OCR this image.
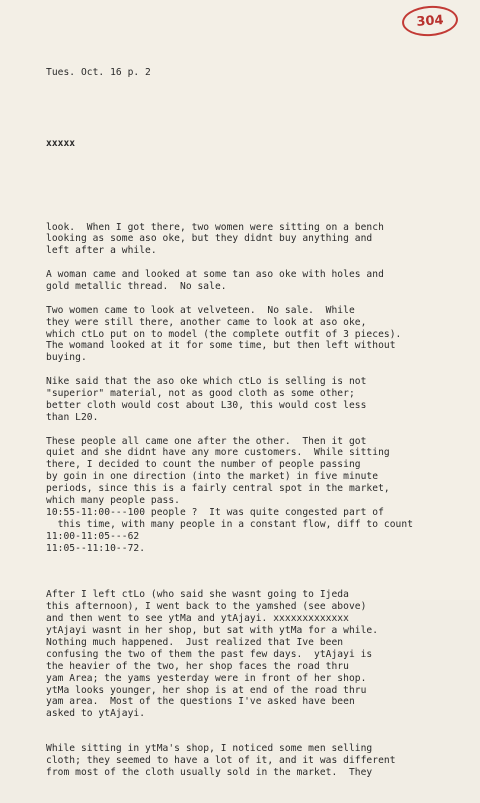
304

Tues. Oct. 16 p. 2

xxxxx

look.  When I got there, two women were sitting on a bench
looking as some aso oke, but they didnt buy anything and
left after a while.
A woman came and looked at some tan aso oke with holes and
gold metallic thread.  No sale.
Two women came to look at velveteen.  No sale.  While
they were still there, another came to look at aso oke,
which ctLo put on to model (the complete outfit of 3 pieces).
The womand looked at it for some time, but then left without
buying.
Nike said that the aso oke which ctLo is selling is not
"superior" material, not as good cloth as some other;
better cloth would cost about L30, this would cost less
than L20.
These people all came one after the other.  Then it got
quiet and she didnt have any more customers.  While sitting
there, I decided to count the number of people passing
by goin in one direction (into the market) in five minute
periods, since this is a fairly central spot in the market,
which many people pass.
10:55-11:00---100 people ?  It was quite congested part of
this time, with many people in a constant flow, diff to count
11:00-11:05---62
11:05--11:10--72.
After I left ctLo (who said she wasnt going to Ijeda
this afternoon), I went back to the yamshed (see above)
and then went to see ytMa and ytAjayi. xxxxxxxxxxxxx
ytAjayi wasnt in her shop, but sat with ytMa for a while.
Nothing much happened.  Just realized that Ive been
confusing the two of them the past few days.  ytAjayi is
the heavier of the two, her shop faces the road thru
yam Area; the yams yesterday were in front of her shop.
ytMa looks younger, her shop is at end of the road thru
yam area.  Most of the questions I've asked have been
asked to ytAjayi.
While sitting in ytMa's shop, I noticed some men selling
cloth; they seemed to have a lot of it, and it was different
from most of the cloth usually sold in the market.  They
